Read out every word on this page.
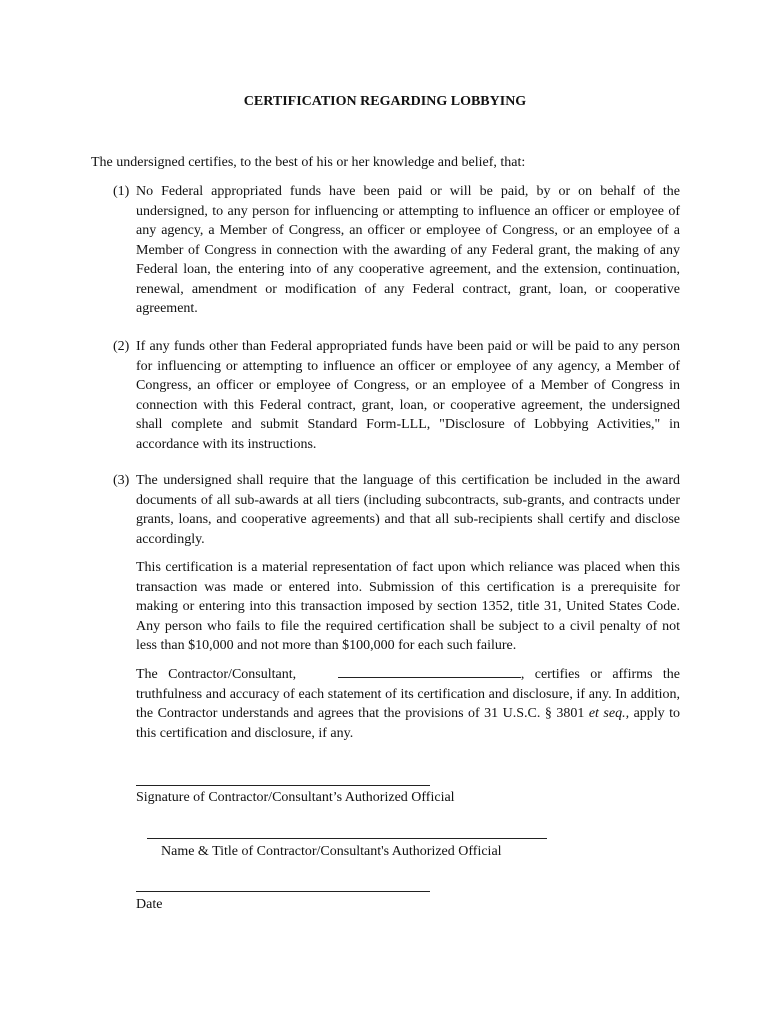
CERTIFICATION REGARDING LOBBYING
The undersigned certifies, to the best of his or her knowledge and belief, that:
(1) No Federal appropriated funds have been paid or will be paid, by or on behalf of the undersigned, to any person for influencing or attempting to influence an officer or employee of any agency, a Member of Congress, an officer or employee of Congress, or an employee of a Member of Congress in connection with the awarding of any Federal grant, the making of any Federal loan, the entering into of any cooperative agreement, and the extension, continuation, renewal, amendment or modification of any Federal contract, grant, loan, or cooperative agreement.
(2) If any funds other than Federal appropriated funds have been paid or will be paid to any person for influencing or attempting to influence an officer or employee of any agency, a Member of Congress, an officer or employee of Congress, or an employee of a Member of Congress in connection with this Federal contract, grant, loan, or cooperative agreement, the undersigned shall complete and submit Standard Form-LLL, "Disclosure of Lobbying Activities," in accordance with its instructions.
(3) The undersigned shall require that the language of this certification be included in the award documents of all sub-awards at all tiers (including subcontracts, sub-grants, and contracts under grants, loans, and cooperative agreements) and that all sub-recipients shall certify and disclose accordingly.
This certification is a material representation of fact upon which reliance was placed when this transaction was made or entered into. Submission of this certification is a prerequisite for making or entering into this transaction imposed by section 1352, title 31, United States Code. Any person who fails to file the required certification shall be subject to a civil penalty of not less than $10,000 and not more than $100,000 for each such failure.
The Contractor/Consultant,	, certifies or affirms the truthfulness and accuracy of each statement of its certification and disclosure, if any. In addition, the Contractor understands and agrees that the provisions of 31 U.S.C. § 3801 et seq., apply to this certification and disclosure, if any.
Signature of Contractor/Consultant’s Authorized Official
Name & Title of Contractor/Consultant's Authorized Official
Date
